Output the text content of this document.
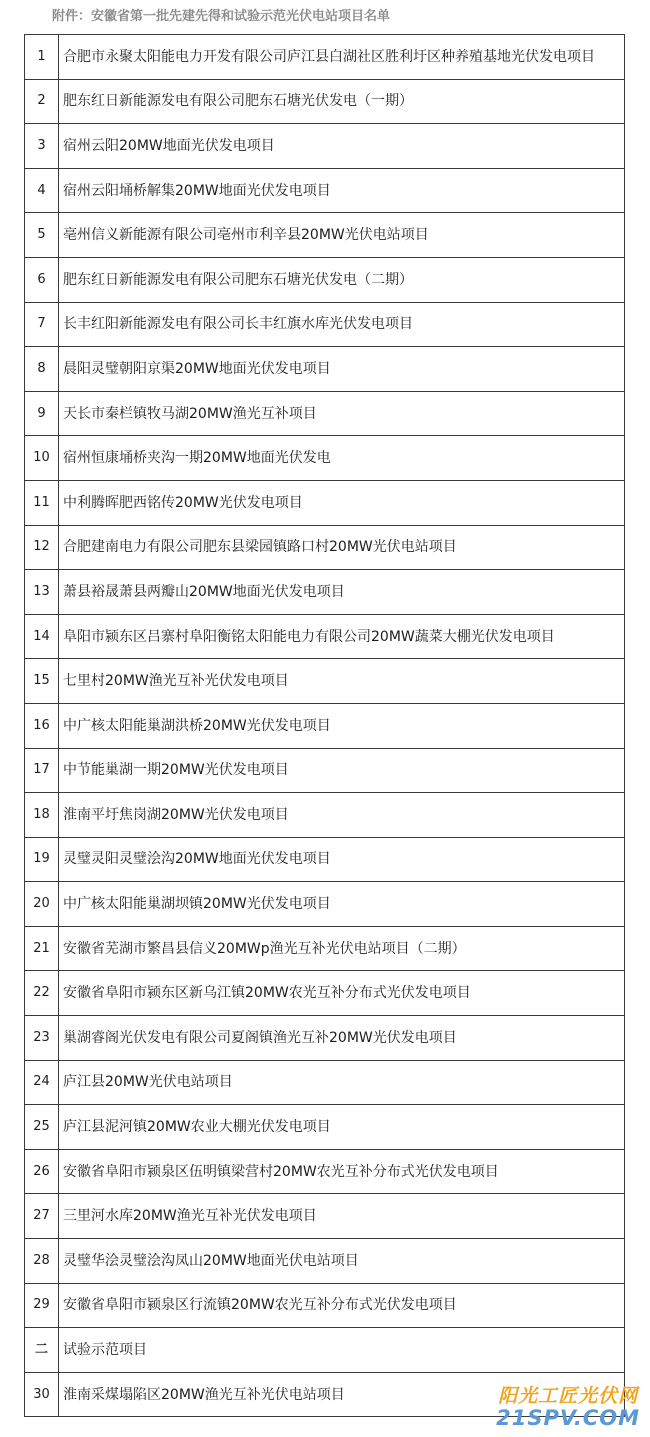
附件：安徽省第一批先建先得和试验示范光伏电站项目名单
1	合肥市永聚太阳能电力开发有限公司庐江县白湖社区胜利圩区种养殖基地光伏发电项目
2	肥东红日新能源发电有限公司肥东石塘光伏发电（一期）
3	宿州云阳20MW地面光伏发电项目
4	宿州云阳埇桥解集20MW地面光伏发电项目
5	亳州信义新能源有限公司亳州市利辛县20MW光伏电站项目
6	肥东红日新能源发电有限公司肥东石塘光伏发电（二期）
7	长丰红阳新能源发电有限公司长丰红旗水库光伏发电项目
8	晨阳灵璧朝阳京渠20MW地面光伏发电项目
9	天长市秦栏镇牧马湖20MW渔光互补项目
10	宿州恒康埇桥夹沟一期20MW地面光伏发电
11	中利腾晖肥西铭传20MW光伏发电项目
12	合肥建南电力有限公司肥东县梁园镇路口村20MW光伏电站项目
13	萧县裕晟萧县两瓣山20MW地面光伏发电项目
14	阜阳市颍东区吕寨村阜阳衡铭太阳能电力有限公司20MW蔬菜大棚光伏发电项目
15	七里村20MW渔光互补光伏发电项目
16	中广核太阳能巢湖洪桥20MW光伏发电项目
17	中节能巢湖一期20MW光伏发电项目
18	淮南平圩焦岗湖20MW光伏发电项目
19	灵璧灵阳灵璧浍沟20MW地面光伏发电项目
20	中广核太阳能巢湖坝镇20MW光伏发电项目
21	安徽省芜湖市繁昌县信义20MWp渔光互补光伏电站项目（二期）
22	安徽省阜阳市颍东区新乌江镇20MW农光互补分布式光伏发电项目
23	巢湖睿阁光伏发电有限公司夏阁镇渔光互补20MW光伏发电项目
24	庐江县20MW光伏电站项目
25	庐江县泥河镇20MW农业大棚光伏发电项目
26	安徽省阜阳市颍泉区伍明镇梁营村20MW农光互补分布式光伏发电项目
27	三里河水库20MW渔光互补光伏发电项目
28	灵璧华浍灵璧浍沟凤山20MW地面光伏电站项目
29	安徽省阜阳市颍泉区行流镇20MW农光互补分布式光伏发电项目
二	试验示范项目
30	淮南采煤塌陷区20MW渔光互补光伏电站项目	阳光工匠光伏网
21SPV.COM
